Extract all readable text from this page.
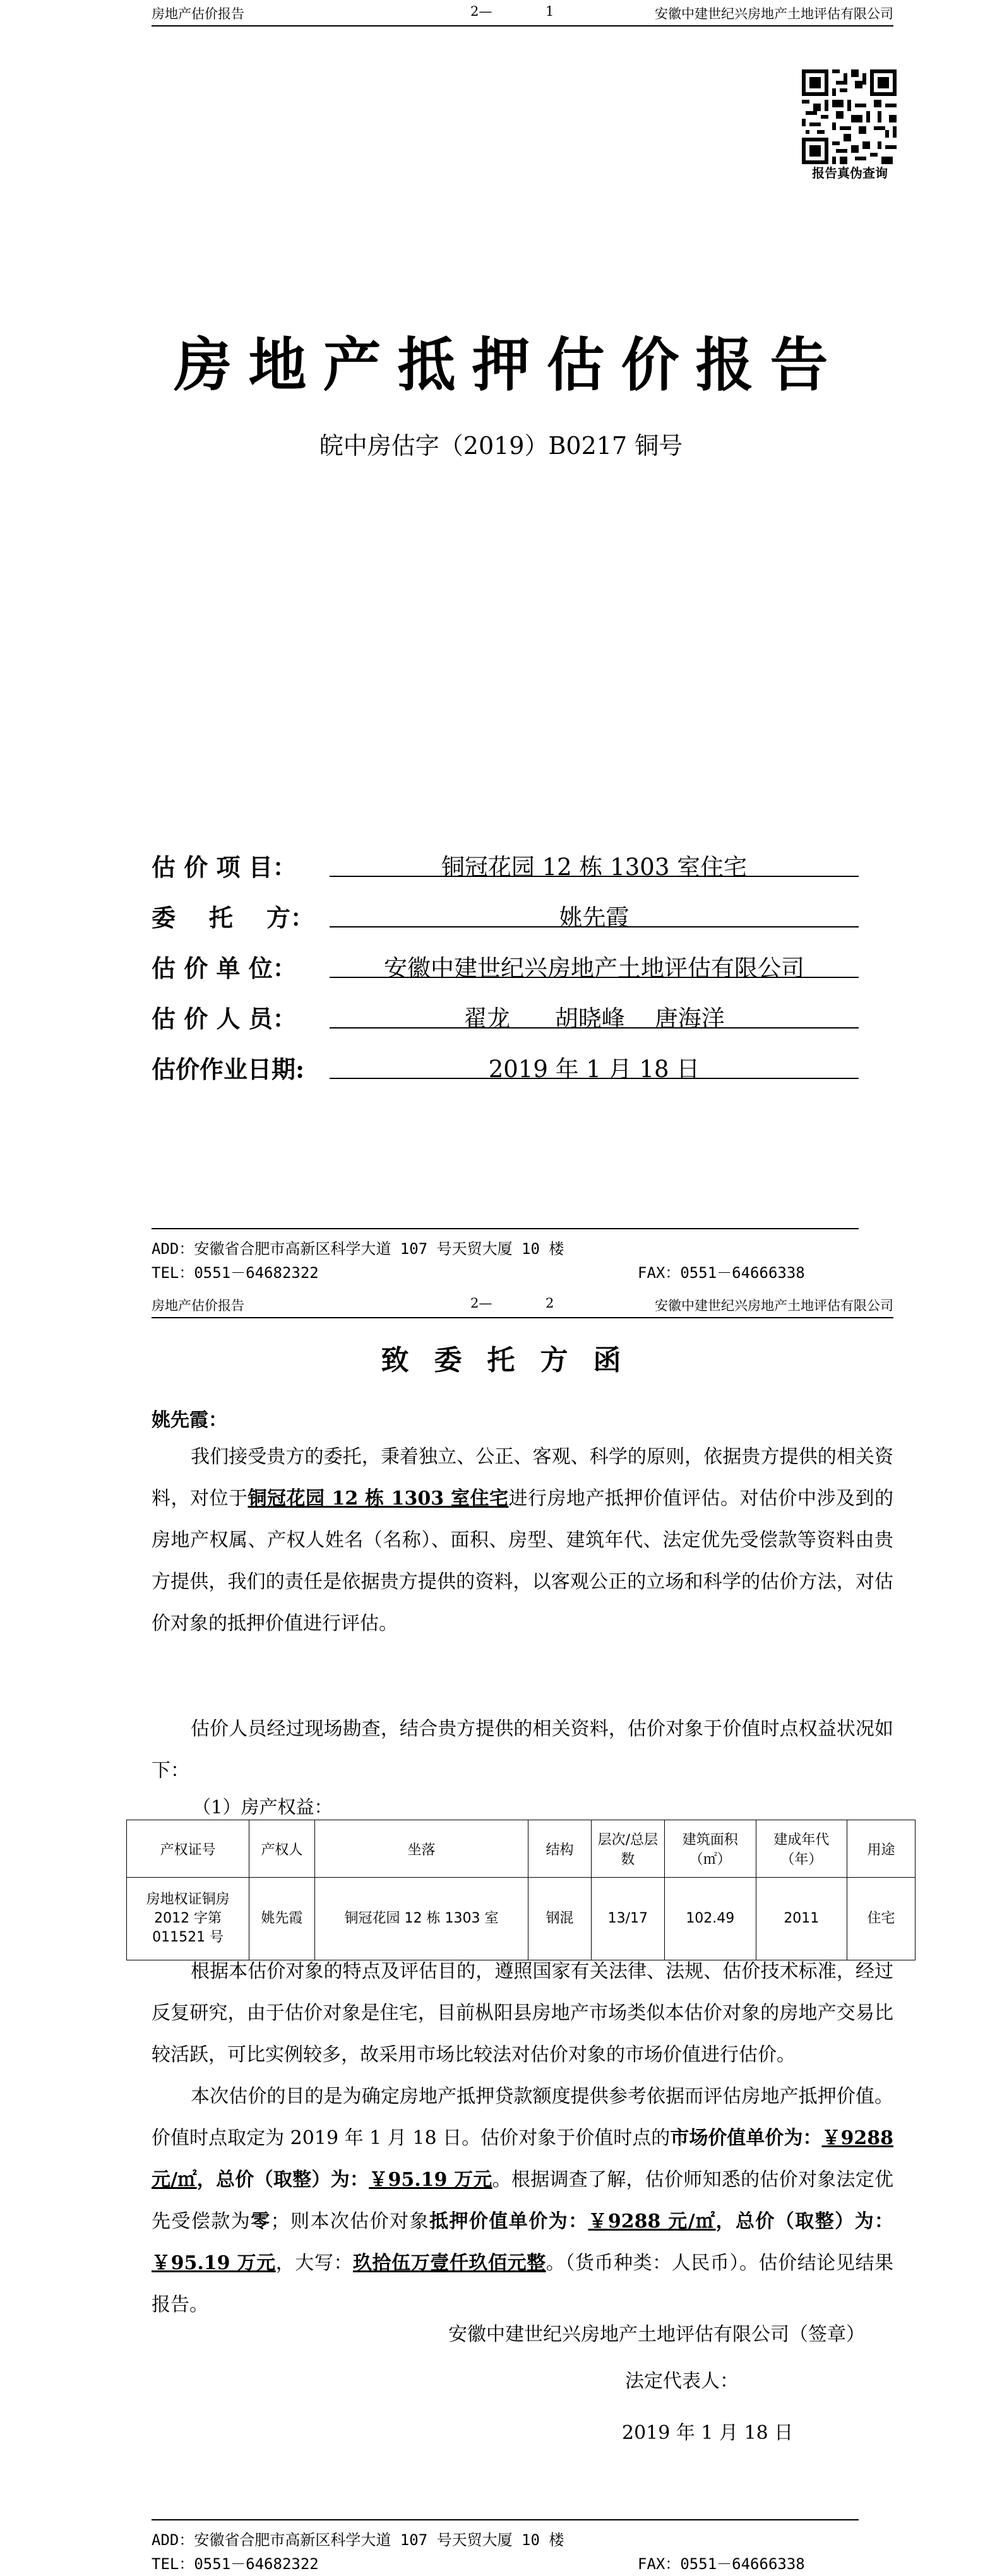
房地产估价报告	2—	1	安徽中建世纪兴房地产土地评估有限公司
报告真伪查询
房地产抵押估价报告
皖中房估字（2019）B0217 铜号
估 价 项 目：	铜冠花园 12 栋 1303 室住宅
委    托    方：	姚先霞
估 价 单 位：	安徽中建世纪兴房地产土地评估有限公司
估 价 人 员：	翟龙      胡晓峰    唐海洋
估价作业日期:	2019 年 1 月 18 日
ADD：安徽省合肥市高新区科学大道 107 号天贸大厦 10 楼
TEL：0551－64682322	FAX：0551－64666338
房地产估价报告	2—	2	安徽中建世纪兴房地产土地评估有限公司
致委托方函
姚先霞：
我们接受贵方的委托，秉着独立、公正、客观、科学的原则，依据贵方提供的相关资料，对位于铜冠花园 12 栋 1303 室住宅进行房地产抵押价值评估。对估价中涉及到的房地产权属、产权人姓名（名称）、面积、房型、建筑年代、法定优先受偿款等资料由贵方提供，我们的责任是依据贵方提供的资料，以客观公正的立场和科学的估价方法，对估价对象的抵押价值进行评估。
估价人员经过现场勘查，结合贵方提供的相关资料，估价对象于价值时点权益状况如下：
（1）房产权益：
产权证号	产权人	坐落	结构	层次/总层数	建筑面积（㎡）	建成年代（年）	用途
房地权证铜房 2012 字第 011521 号	姚先霞	铜冠花园 12 栋 1303 室	钢混	13/17	102.49	2011	住宅
根据本估价对象的特点及评估目的，遵照国家有关法律、法规、估价技术标准，经过反复研究，由于估价对象是住宅，目前枞阳县房地产市场类似本估价对象的房地产交易比较活跃，可比实例较多，故采用市场比较法对估价对象的市场价值进行估价。
本次估价的目的是为确定房地产抵押贷款额度提供参考依据而评估房地产抵押价值。价值时点取定为 2019 年 1 月 18 日。估价对象于价值时点的市场价值单价为：￥9288 元/㎡，总价（取整）为：￥95.19 万元。根据调查了解，估价师知悉的估价对象法定优先受偿款为零；则本次估价对象抵押价值单价为：￥9288 元/㎡，总价（取整）为：￥95.19 万元，大写：玖拾伍万壹仟玖佰元整。（货币种类：人民币）。估价结论见结果报告。
安徽中建世纪兴房地产土地评估有限公司（签章）
法定代表人：
2019 年 1 月 18 日
ADD：安徽省合肥市高新区科学大道 107 号天贸大厦 10 楼
TEL：0551－64682322	FAX：0551－64666338
